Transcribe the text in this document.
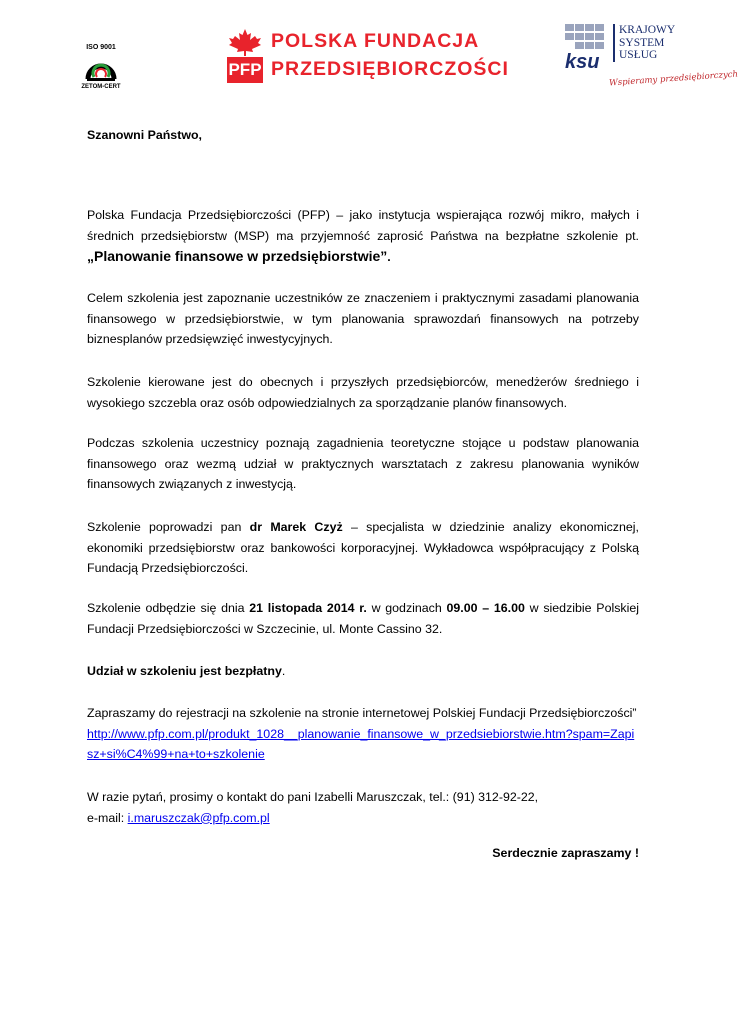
ISO 9001
ZETOM-CERT
PFP
POLSKA FUNDACJA
PRZEDSIĘBIORCZOŚCI	ksu
KRAJOWY
SYSTEM
USŁUG
Wspieramy przedsiębiorczych

Szanowni Państwo,

Polska Fundacja Przedsiębiorczości (PFP) – jako instytucja wspierająca rozwój mikro, małych i średnich przedsiębiorstw (MSP) ma przyjemność zaprosić Państwa na bezpłatne szkolenie pt. „Planowanie finansowe w przedsiębiorstwie”.

Celem szkolenia jest zapoznanie uczestników ze znaczeniem i praktycznymi zasadami planowania finansowego w przedsiębiorstwie, w tym planowania sprawozdań finansowych na potrzeby biznesplanów przedsięwzięć inwestycyjnych.

Szkolenie kierowane jest do obecnych i przyszłych przedsiębiorców, menedżerów średniego i wysokiego szczebla oraz osób odpowiedzialnych za sporządzanie planów finansowych.

Podczas szkolenia uczestnicy poznają zagadnienia teoretyczne stojące u podstaw planowania finansowego oraz wezmą udział w praktycznych warsztatach z zakresu planowania wyników finansowych związanych z inwestycją.

Szkolenie poprowadzi pan dr Marek Czyż – specjalista w dziedzinie analizy ekonomicznej, ekonomiki przedsiębiorstw oraz bankowości korporacyjnej. Wykładowca współpracujący z Polską Fundacją Przedsiębiorczości.

Szkolenie odbędzie się dnia 21 listopada 2014 r. w godzinach 09.00 – 16.00 w siedzibie Polskiej Fundacji Przedsiębiorczości w Szczecinie, ul. Monte Cassino 32.

Udział w szkoleniu jest bezpłatny.

Zapraszamy do rejestracji na szkolenie na stronie internetowej Polskiej Fundacji Przedsiębiorczości”
http://www.pfp.com.pl/produkt_1028__planowanie_finansowe_w_przedsiebiorstwie.htm?spam=Zapisz+si%C4%99+na+to+szkolenie

W razie pytań, prosimy o kontakt do pani Izabelli Maruszczak, tel.: (91) 312-92-22,
e-mail: i.maruszczak@pfp.com.pl

Serdecznie zapraszamy !
